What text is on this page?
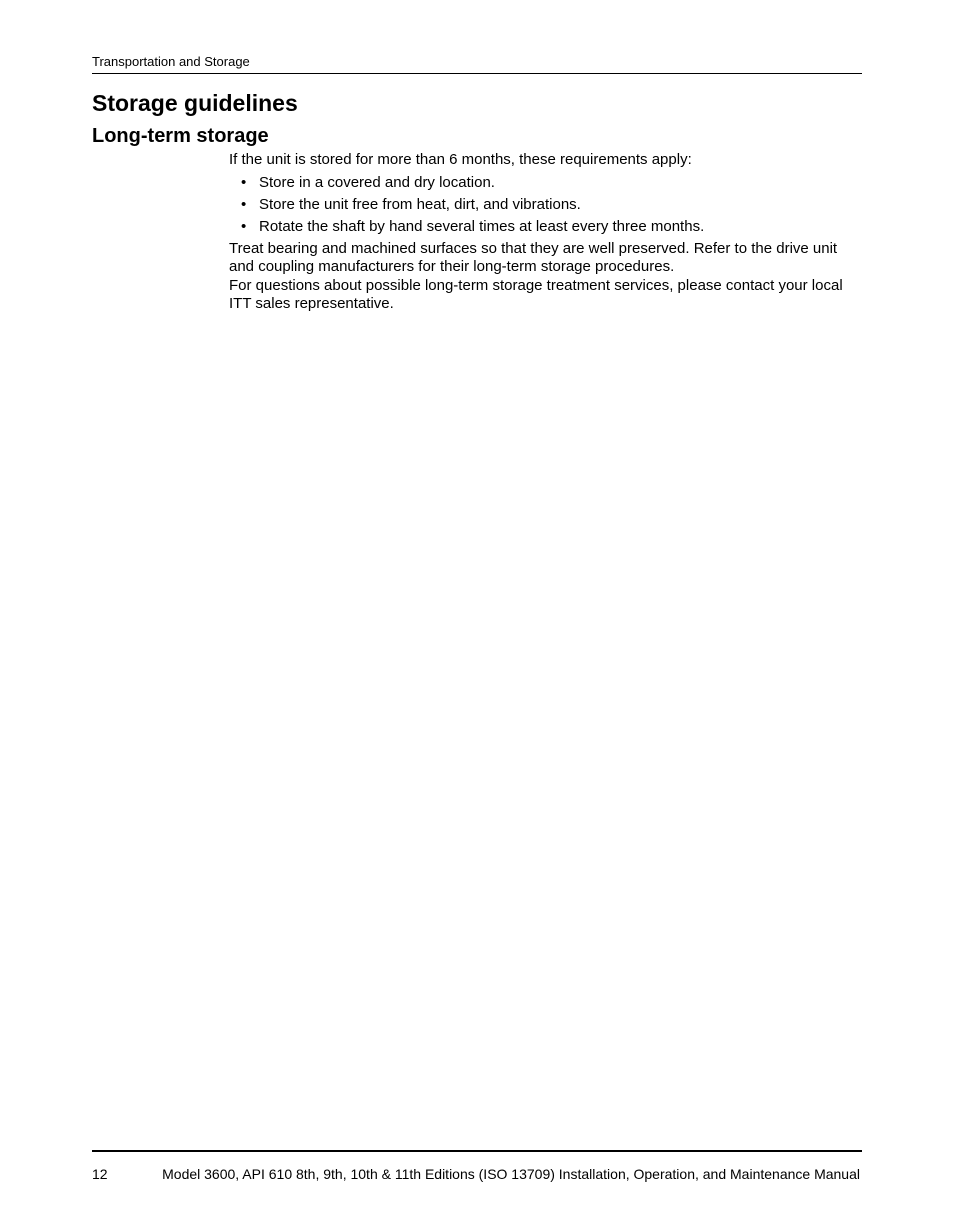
Transportation and Storage
Storage guidelines
Long-term storage

If the unit is stored for more than 6 months, these requirements apply:

• Store in a covered and dry location.
• Store the unit free from heat, dirt, and vibrations.
• Rotate the shaft by hand several times at least every three months.

Treat bearing and machined surfaces so that they are well preserved. Refer to the drive unit and coupling manufacturers for their long-term storage procedures.

For questions about possible long-term storage treatment services, please contact your local ITT sales representative.

12	Model 3600, API 610 8th, 9th, 10th & 11th Editions (ISO 13709) Installation, Operation, and Maintenance Manual
